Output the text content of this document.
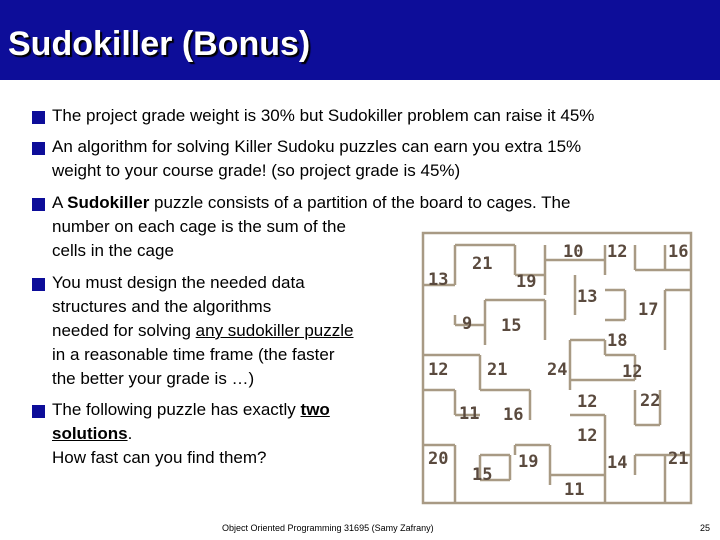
Sudokiller (Bonus)
The project grade weight is 30% but Sudokiller problem can raise it 45%
An algorithm for solving Killer Sudoku puzzles can earn you extra 15%
weight to your course grade! (so project grade is 45%)
A Sudokiller puzzle consists of a partition of the board to cages. The
number on each cage is the sum of the
cells in the cage
You must design the needed data
structures and the algorithms
needed for solving any sudokiller puzzle
in a reasonable time frame (the faster
the better your grade is …)
The following puzzle has exactly two
solutions.
How fast can you find them?
21
10 12 16
13	19
13
17
9 15
18
12 21 24	12
12	22
11 16
12
20	19	14 21
15
11
Object Oriented Programming 31695 (Samy Zafrany)	25
